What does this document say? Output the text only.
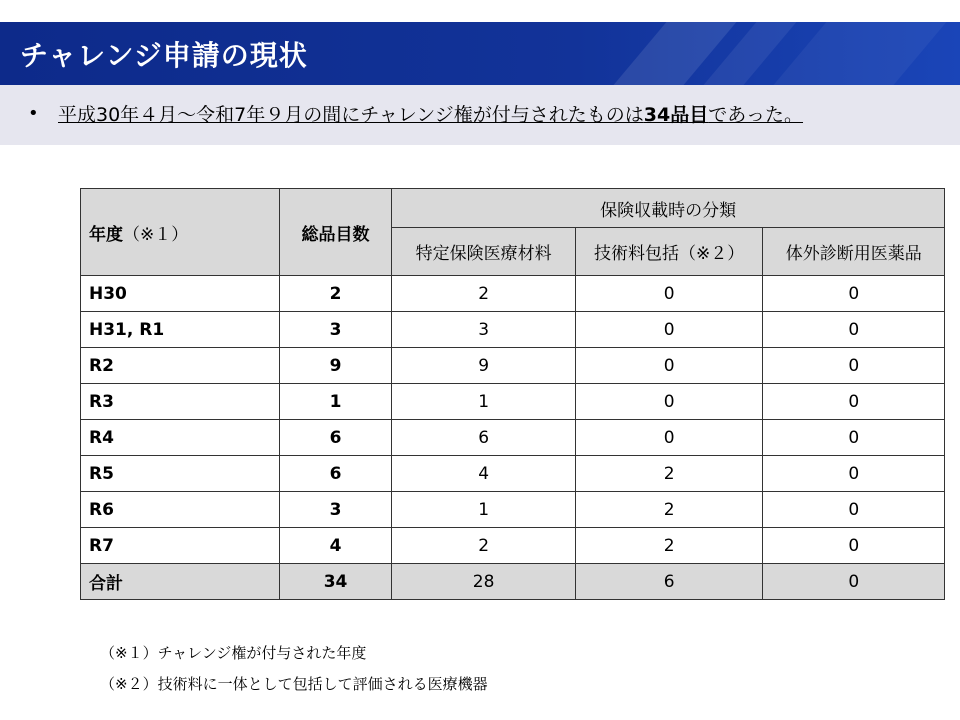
チャレンジ申請の現状
• 平成30年４月～令和7年９月の間にチャレンジ権が付与されたものは34品目であった。
年度（※１）	総品目数	保険収載時の分類		
		特定保険医療材料	技術料包括（※２）	体外診断用医薬品
H30	2	2	0	0
H31, R1	3	3	0	0
R2	9	9	0	0
R3	1	1	0	0
R4	6	6	0	0
R5	6	4	2	0
R6	3	1	2	0
R7	4	2	2	0
合計	34	28	6	0
（※１）チャレンジ権が付与された年度
（※２）技術料に一体として包括して評価される医療機器
